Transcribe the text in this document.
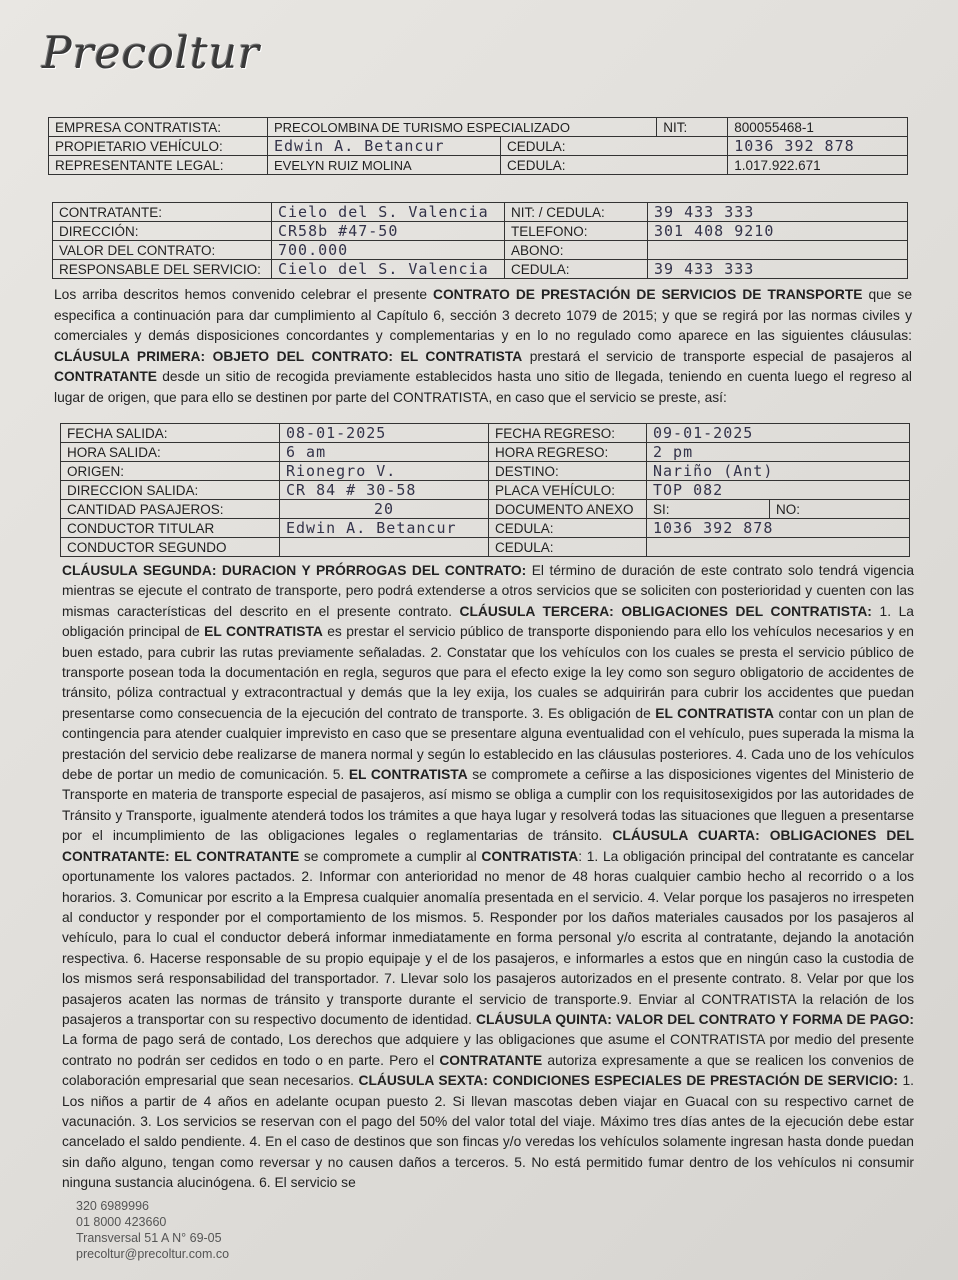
Precoltur
EMPRESA CONTRATISTA:	PRECOLOMBINA DE TURISMO ESPECIALIZADO		NIT:	800055468-1
PROPIETARIO VEHÍCULO:	Edwin A. Betancur	CEDULA:		1036 392 878
REPRESENTANTE LEGAL:	EVELYN RUIZ MOLINA	CEDULA:		1.017.922.671
CONTRATANTE:	Cielo del S. Valencia	NIT: / CEDULA:	39 433 333
DIRECCIÓN:	CR58b #47-50	TELEFONO:	301 408 9210
VALOR DEL CONTRATO:	700.000	ABONO:	
RESPONSABLE DEL SERVICIO:	Cielo del S. Valencia	CEDULA:	39 433 333
Los arriba descritos hemos convenido celebrar el presente CONTRATO DE PRESTACIÓN DE SERVICIOS DE TRANSPORTE que se especifica a continuación para dar cumplimiento al Capítulo 6, sección 3 decreto 1079 de 2015; y que se regirá por las normas civiles y comerciales y demás disposiciones concordantes y complementarias y en lo no regulado como aparece en las siguientes cláusulas: CLÁUSULA PRIMERA: OBJETO DEL CONTRATO: EL CONTRATISTA prestará el servicio de transporte especial de pasajeros al CONTRATANTE desde un sitio de recogida previamente establecidos hasta uno sitio de llegada, teniendo en cuenta luego el regreso al lugar de origen, que para ello se destinen por parte del CONTRATISTA, en caso que el servicio se preste, así:
FECHA SALIDA:	08-01-2025	FECHA REGRESO:	09-01-2025	
HORA SALIDA:	6 am	HORA REGRESO:	2 pm	
ORIGEN:	Rionegro V.	DESTINO:	Nariño (Ant)	
DIRECCION SALIDA:	CR 84 # 30-58	PLACA VEHÍCULO:	TOP 082	
CANTIDAD PASAJEROS:	20	DOCUMENTO ANEXO	SI:	NO:
CONDUCTOR TITULAR	Edwin A. Betancur	CEDULA:	1036 392 878	
CONDUCTOR SEGUNDO		CEDULA:		
CLÁUSULA SEGUNDA: DURACION Y PRÓRROGAS DEL CONTRATO: El término de duración de este contrato solo tendrá vigencia mientras se ejecute el contrato de transporte, pero podrá extenderse a otros servicios que se soliciten con posterioridad y cuenten con las mismas características del descrito en el presente contrato. CLÁUSULA TERCERA: OBLIGACIONES DEL CONTRATISTA: 1. La obligación principal de EL CONTRATISTA es prestar el servicio público de transporte disponiendo para ello los vehículos necesarios y en buen estado, para cubrir las rutas previamente señaladas. 2. Constatar que los vehículos con los cuales se presta el servicio público de transporte posean toda la documentación en regla, seguros que para el efecto exige la ley como son seguro obligatorio de accidentes de tránsito, póliza contractual y extracontractual y demás que la ley exija, los cuales se adquirirán para cubrir los accidentes que puedan presentarse como consecuencia de la ejecución del contrato de transporte. 3. Es obligación de EL CONTRATISTA contar con un plan de contingencia para atender cualquier imprevisto en caso que se presentare alguna eventualidad con el vehículo, pues superada la misma la prestación del servicio debe realizarse de manera normal y según lo establecido en las cláusulas posteriores. 4. Cada uno de los vehículos debe de portar un medio de comunicación. 5. EL CONTRATISTA se compromete a ceñirse a las disposiciones vigentes del Ministerio de Transporte en materia de transporte especial de pasajeros, así mismo se obliga a cumplir con los requisitosexigidos por las autoridades de Tránsito y Transporte, igualmente atenderá todos los trámites a que haya lugar y resolverá todas las situaciones que lleguen a presentarse por el incumplimiento de las obligaciones legales o reglamentarias de tránsito. CLÁUSULA CUARTA: OBLIGACIONES DEL CONTRATANTE: EL CONTRATANTE se compromete a cumplir al CONTRATISTA: 1. La obligación principal del contratante es cancelar oportunamente los valores pactados. 2. Informar con anterioridad no menor de 48 horas cualquier cambio hecho al recorrido o a los horarios. 3. Comunicar por escrito a la Empresa cualquier anomalía presentada en el servicio. 4. Velar porque los pasajeros no irrespeten al conductor y responder por el comportamiento de los mismos. 5. Responder por los daños materiales causados por los pasajeros al vehículo, para lo cual el conductor deberá informar inmediatamente en forma personal y/o escrita al contratante, dejando la anotación respectiva. 6. Hacerse responsable de su propio equipaje y el de los pasajeros, e informarles a estos que en ningún caso la custodia de los mismos será responsabilidad del transportador. 7. Llevar solo los pasajeros autorizados en el presente contrato. 8. Velar por que los pasajeros acaten las normas de tránsito y transporte durante el servicio de transporte.9. Enviar al CONTRATISTA la relación de los pasajeros a transportar con su respectivo documento de identidad. CLÁUSULA QUINTA: VALOR DEL CONTRATO Y FORMA DE PAGO: La forma de pago será de contado, Los derechos que adquiere y las obligaciones que asume el CONTRATISTA por medio del presente contrato no podrán ser cedidos en todo o en parte. Pero el CONTRATANTE autoriza expresamente a que se realicen los convenios de colaboración empresarial que sean necesarios. CLÁUSULA SEXTA: CONDICIONES ESPECIALES DE PRESTACIÓN DE SERVICIO: 1. Los niños a partir de 4 años en adelante ocupan puesto 2. Si llevan mascotas deben viajar en Guacal con su respectivo carnet de vacunación. 3. Los servicios se reservan con el pago del 50% del valor total del viaje. Máximo tres días antes de la ejecución debe estar cancelado el saldo pendiente. 4. En el caso de destinos que son fincas y/o veredas los vehículos solamente ingresan hasta donde puedan sin daño alguno, tengan como reversar y no causen daños a terceros. 5. No está permitido fumar dentro de los vehículos ni consumir ninguna sustancia alucinógena. 6. El servicio se
320 6989996
01 8000 423660
Transversal 51 A N° 69-05
precoltur@precoltur.com.co
